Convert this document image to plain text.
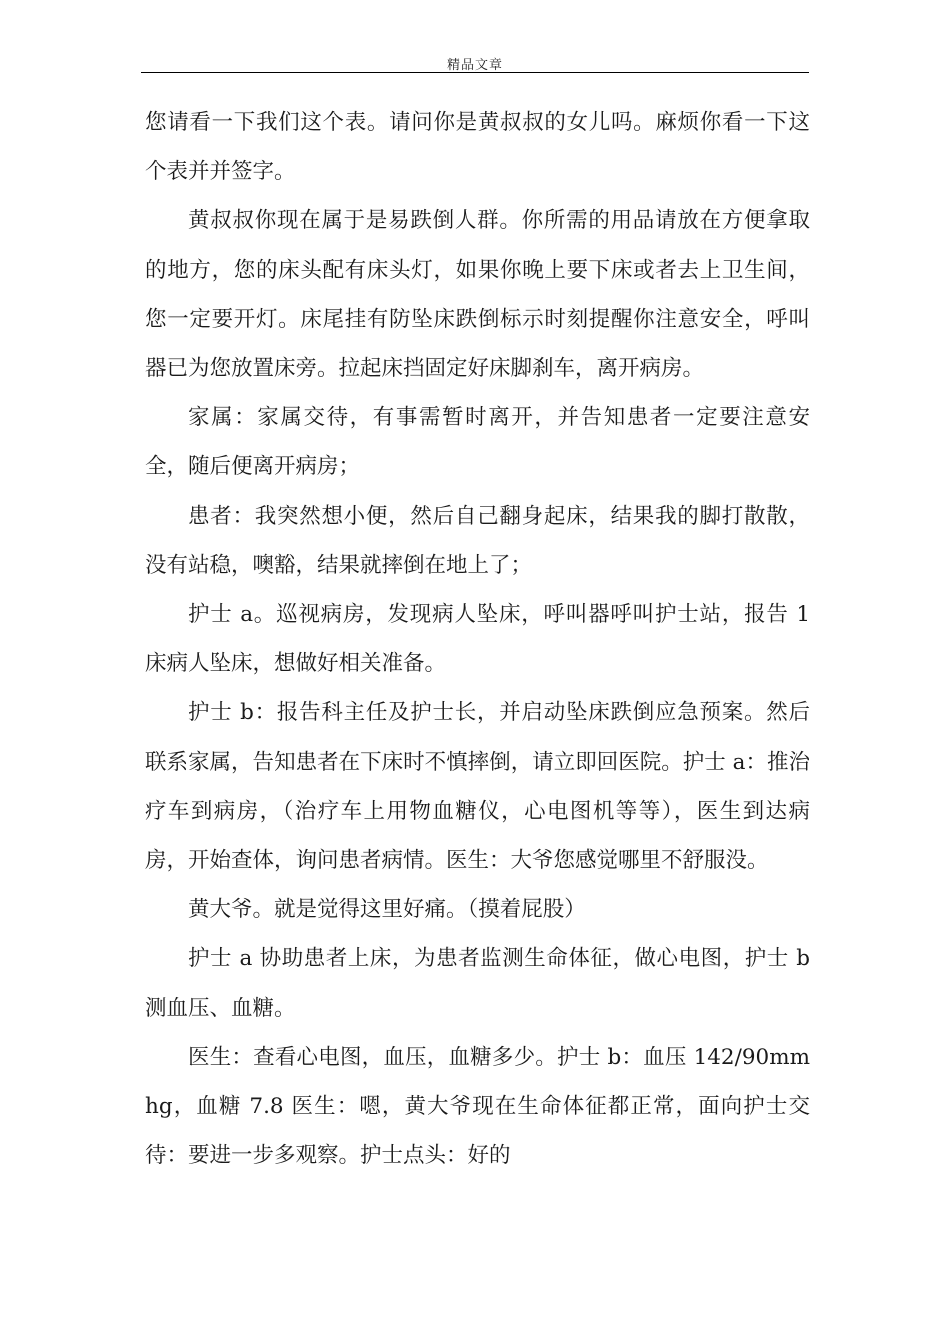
精品文章

您请看一下我们这个表。请问你是黄叔叔的女儿吗。麻烦你看一下这个表并并签字。

黄叔叔你现在属于是易跌倒人群。你所需的用品请放在方便拿取的地方，您的床头配有床头灯，如果你晚上要下床或者去上卫生间，您一定要开灯。床尾挂有防坠床跌倒标示时刻提醒你注意安全，呼叫器已为您放置床旁。拉起床挡固定好床脚刹车，离开病房。

家属：家属交待，有事需暂时离开，并告知患者一定要注意安全，随后便离开病房；

患者：我突然想小便，然后自己翻身起床，结果我的脚打散散，没有站稳，噢豁，结果就摔倒在地上了；

护士 a。巡视病房，发现病人坠床，呼叫器呼叫护士站，报告 1 床病人坠床，想做好相关准备。

护士 b：报告科主任及护士长，并启动坠床跌倒应急预案。然后联系家属，告知患者在下床时不慎摔倒，请立即回医院。护士 a：推治疗车到病房，（治疗车上用物血糖仪，心电图机等等），医生到达病房，开始查体，询问患者病情。医生：大爷您感觉哪里不舒服没。

黄大爷。就是觉得这里好痛。（摸着屁股）

护士 a 协助患者上床，为患者监测生命体征，做心电图，护士 b 测血压、血糖。

医生：查看心电图，血压，血糖多少。护士 b：血压 142/90mmhg，血糖 7.8 医生：嗯，黄大爷现在生命体征都正常，面向护士交待：要进一步多观察。护士点头：好的
